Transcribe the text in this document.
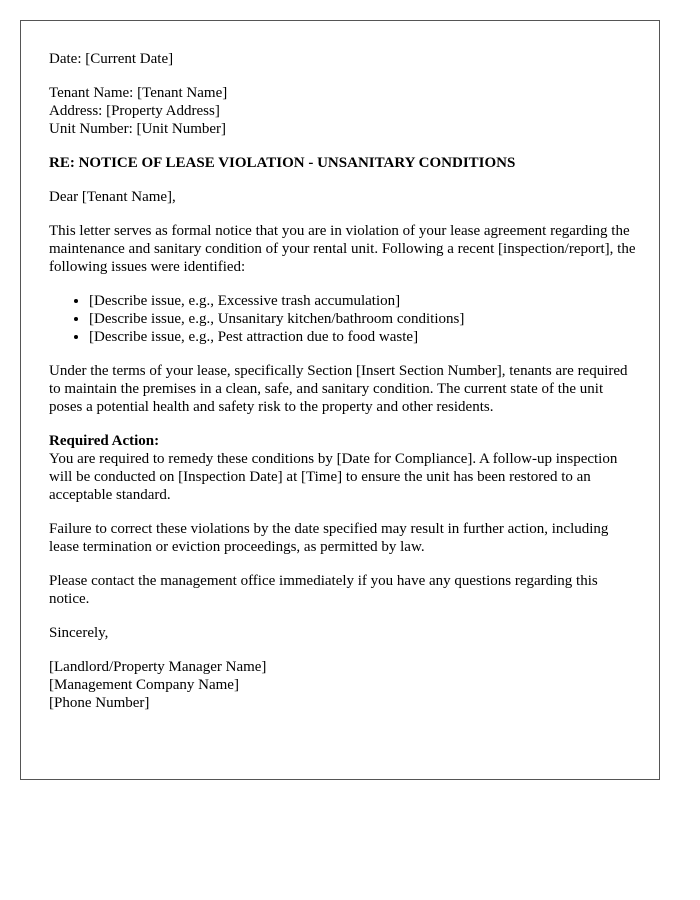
Date: [Current Date]
Tenant Name: [Tenant Name]
Address: [Property Address]
Unit Number: [Unit Number]
RE: NOTICE OF LEASE VIOLATION - UNSANITARY CONDITIONS
Dear [Tenant Name],

This letter serves as formal notice that you are in violation of your lease agreement regarding the maintenance and sanitary condition of your rental unit. Following a recent [inspection/report], the following issues were identified:

• [Describe issue, e.g., Excessive trash accumulation]
• [Describe issue, e.g., Unsanitary kitchen/bathroom conditions]
• [Describe issue, e.g., Pest attraction due to food waste]

Under the terms of your lease, specifically Section [Insert Section Number], tenants are required to maintain the premises in a clean, safe, and sanitary condition. The current state of the unit poses a potential health and safety risk to the property and other residents.

Required Action:
You are required to remedy these conditions by [Date for Compliance]. A follow-up inspection will be conducted on [Inspection Date] at [Time] to ensure the unit has been restored to an acceptable standard.

Failure to correct these violations by the date specified may result in further action, including lease termination or eviction proceedings, as permitted by law.

Please contact the management office immediately if you have any questions regarding this notice.

Sincerely,
[Landlord/Property Manager Name]
[Management Company Name]
[Phone Number]
